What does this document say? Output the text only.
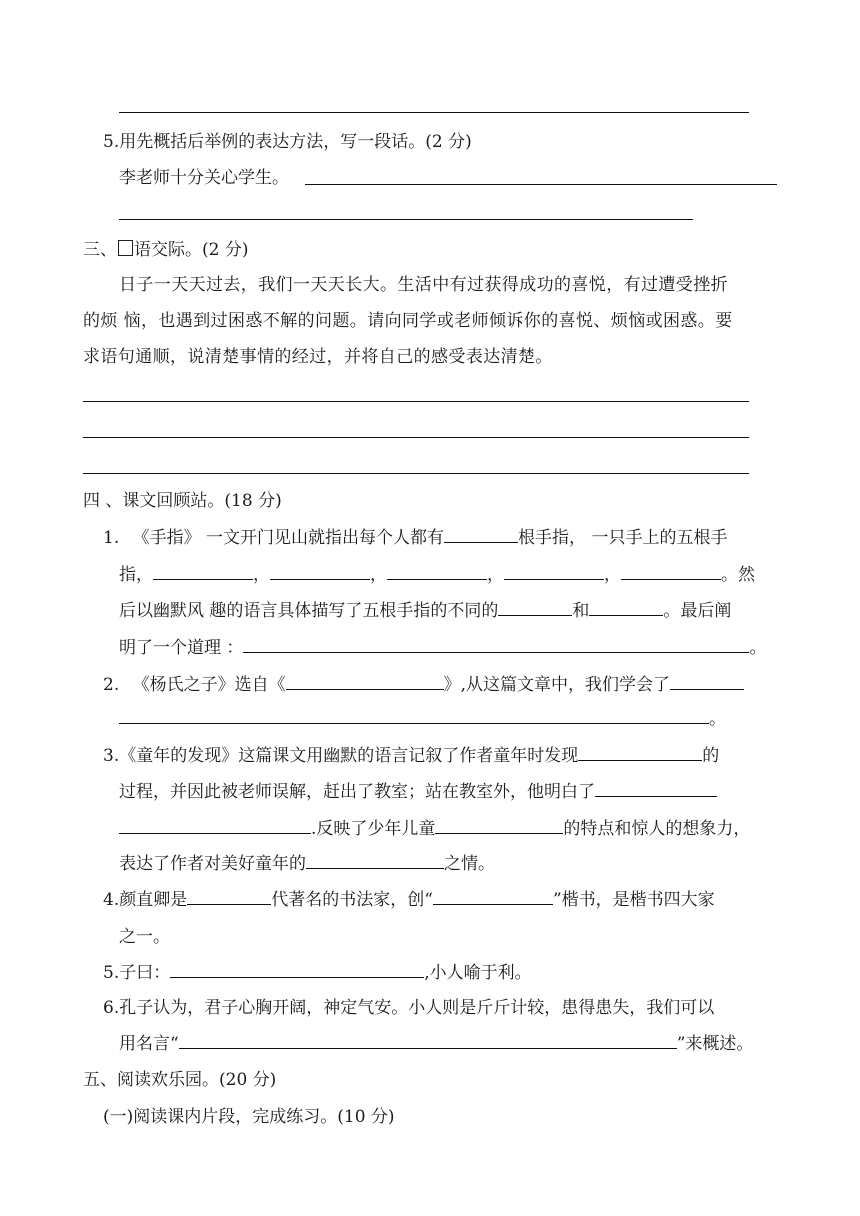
5.用先概括后举例的表达方法，写一段话。(2 分)
李老师十分关心学生。
三、 语交际。(2 分)
日子一天天过去，我们一天天长大。生活中有过获得成功的喜悦，有过遭受挫折
的烦 恼，也遇到过困惑不解的问题。请向同学或老师倾诉你的喜悦、烦恼或困惑。要
求语句通顺，说清楚事情的经过，并将自己的感受表达清楚。
四 、课文回顾站。(18 分)
1. 《手指》 一文开门见山就指出每个人都有	根手指， 一只手上的五根手
指，	，	，	，	，	。然
后以幽默风 趣的语言具体描写了五根手指的不同的	和	。最后阐
明了一个道理 ：	。
2. 《杨氏之子》选自《	》,从这篇文章中，我们学会了
。
3.《童年的发现》这篇课文用幽默的语言记叙了作者童年时发现	的
过程，并因此被老师误解，赶出了教室；站在教室外，他明白了
.反映了少年儿童	的特点和惊人的想象力，
表达了作者对美好童年的	之情。
4.颜直卿是	代著名的书法家，创“	”楷书，是楷书四大家
之一。
5.子曰：	,小人喻于利。
6.孔子认为，君子心胸开阔，神定气安。小人则是斤斤计较，患得患失，我们可以
用名言“	”来概述。
五、阅读欢乐园。(20 分)
(一)阅读课内片段，完成练习。(10 分)
